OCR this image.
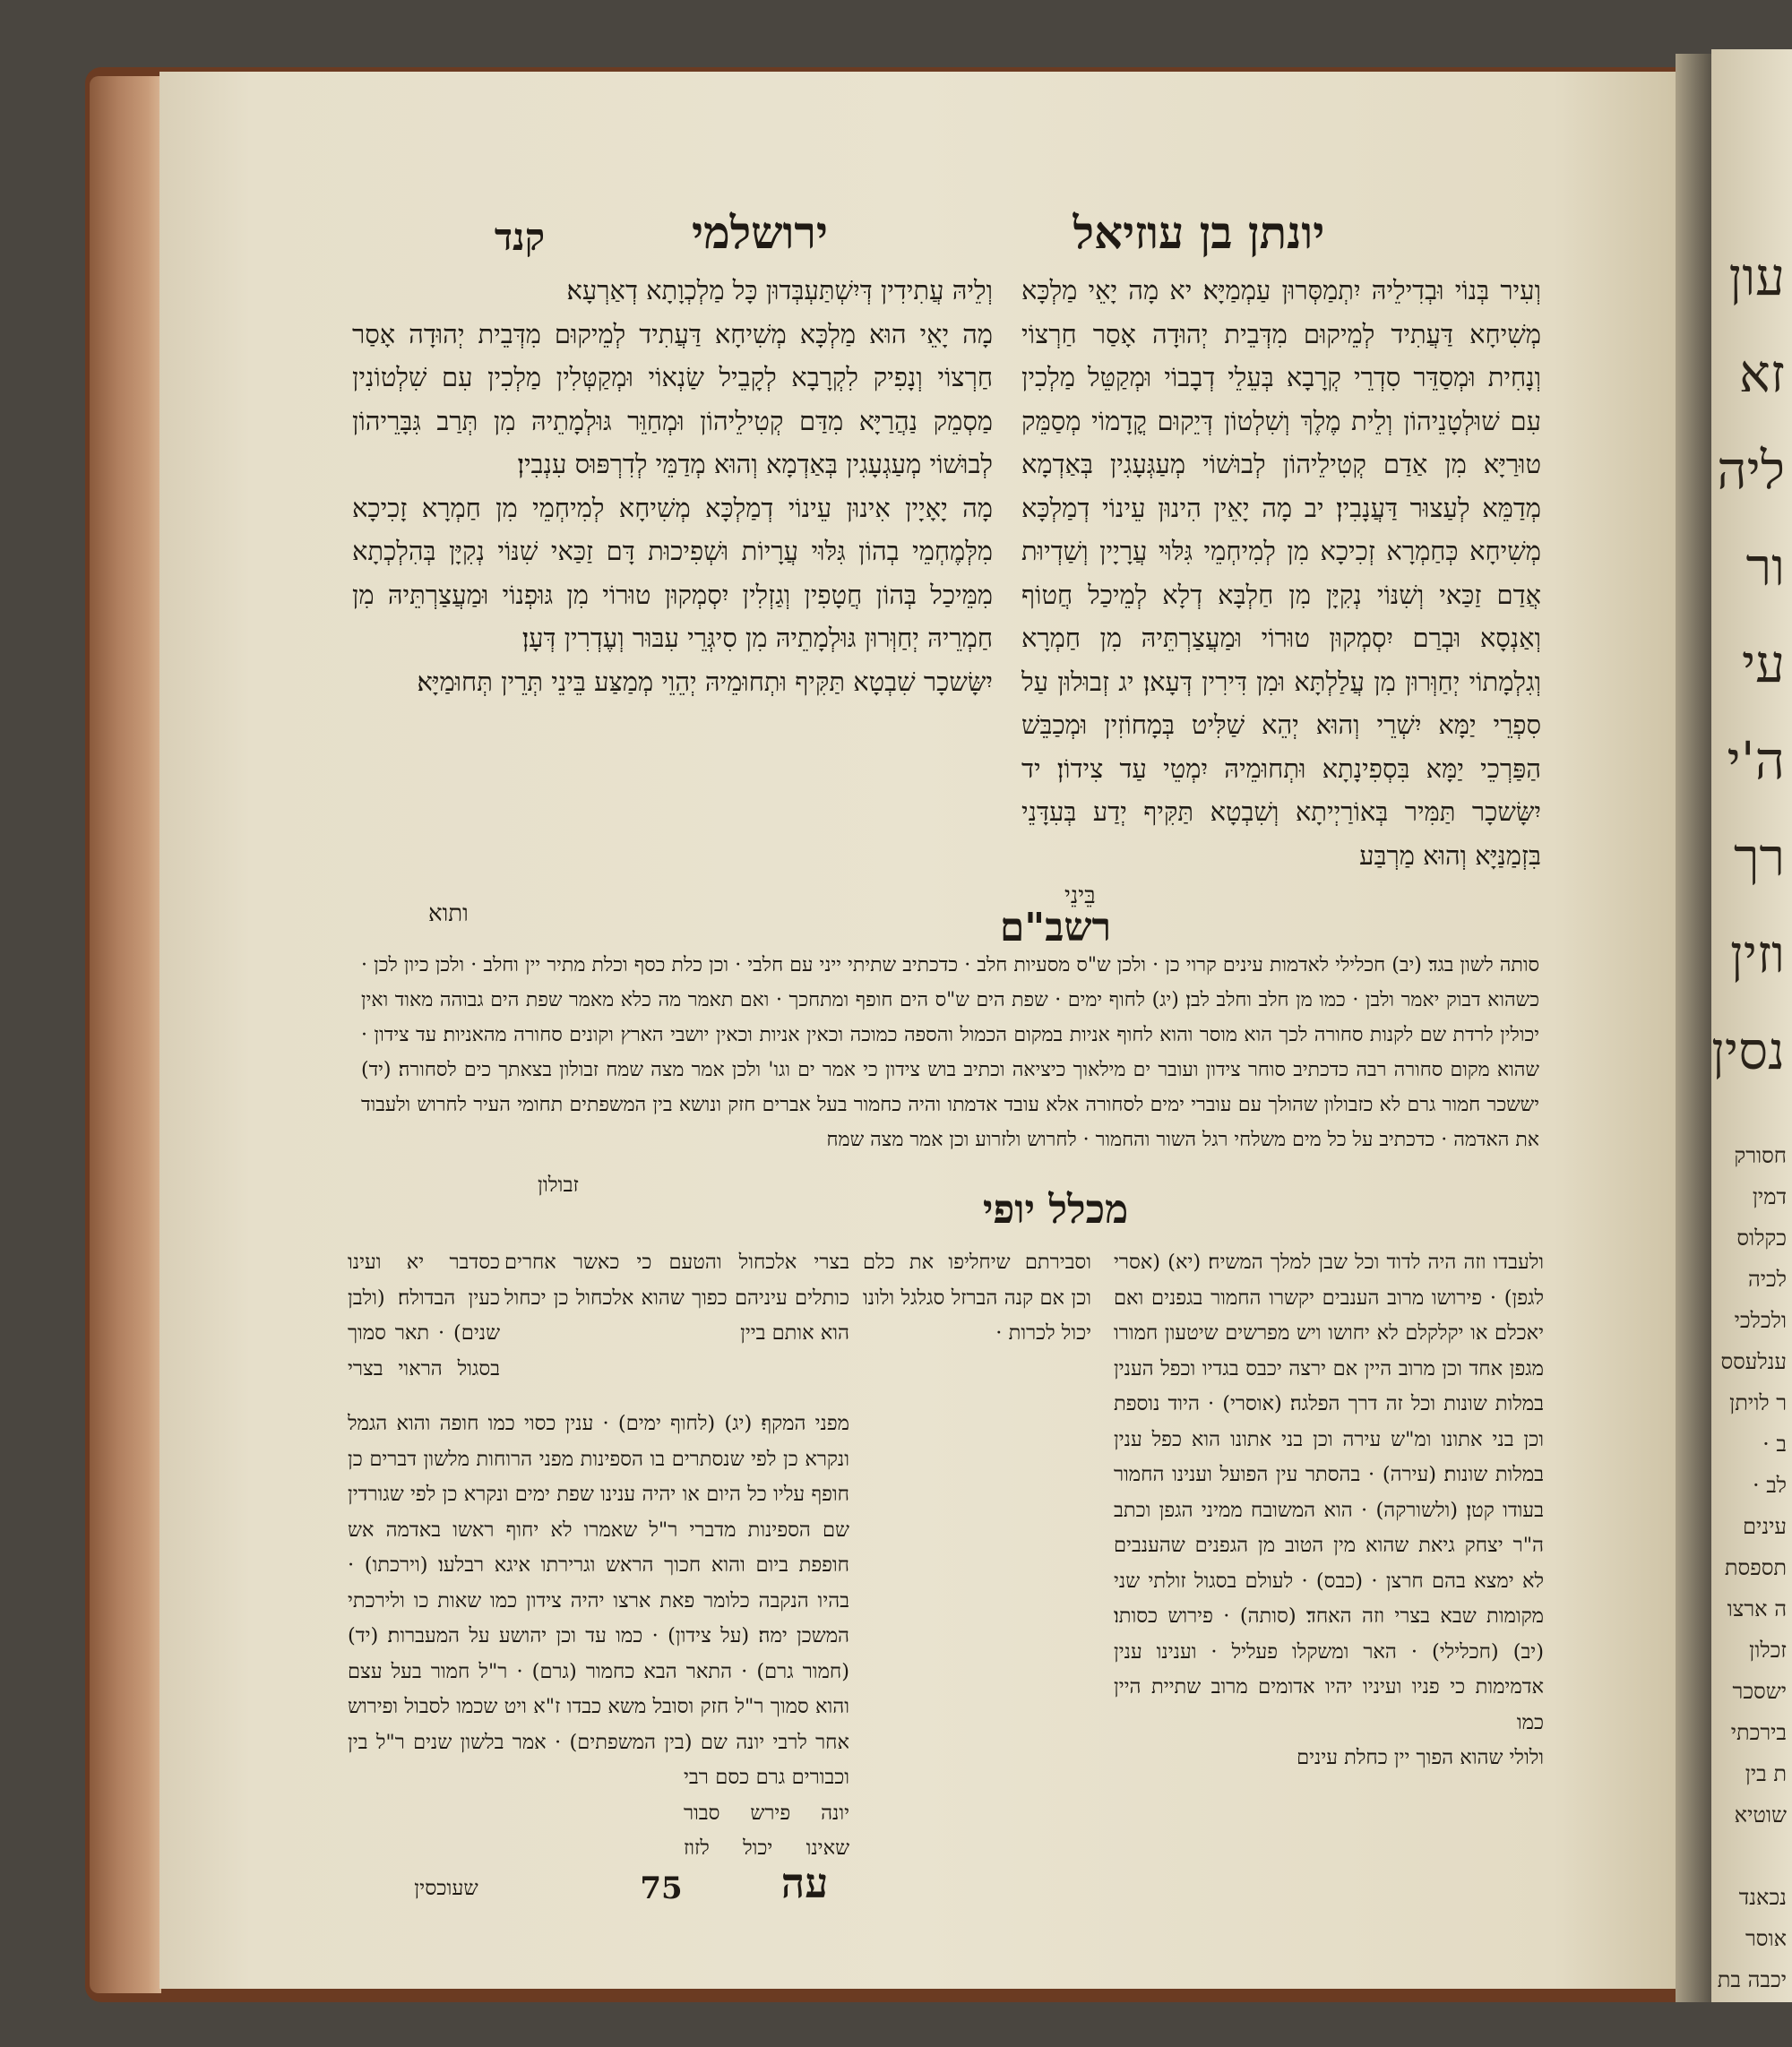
יונתן בן עוזיאל
ירושלמי
קנד

וְעִיר בְּנוֹי וּבְדִילֵיהּ יִתְמַסְּרוּן עַמְמַיָּא׃ יא מָה יָאֵי מַלְכָּא מְשִׁיחָא דַּעֲתִיד לְמֵיקוּם מִדְּבֵית יְהוּדָה אָסַר חַרְצוֹי וְנָחִית וּמְסַדֵּר סִדְרֵי קְרָבָא בְּעֵלֵי דְבָבוֹי וּמְקַטֵּל מַלְכִין עִם שׁוּלְטָנֵיהוֹן וְלֵית מֶלֶךְ וְשִׁלְטוֹן דְּיֵקוּם קֳדָמוֹי מְסַמֵּק טוּרַיָּא מִן אַדַם קְטִילֵיהוֹן לְבוּשׁוֹי מְעַגְּעָגִין בְּאַדְמָא מְדַמֵּא לְעַצוּר דַּעֲנָבִין׃ יב מָה יָאֵין הִינוּן עֵינוֹי דְמַלְכָּא מְשִׁיחָא כְּחַמְרָא זְכִיכָא מִן לְמִיחְמֵי גִּלּוּי עֲרָיָין וְשַׁדְיוּת אֲדַם זַכַּאי וְשִׁנּוֹי נְקִיָּן מִן חַלְבָּא דְלָא לְמֵיכַל חֲטוֹף וְאַנְסָא וּבְרַם יִסְמְקוּן טוּרוֹי וּמַעֲצַרְתֵּיהּ מִן חַמְרָא וְגִלְמָתוֹי יְחַוְּרוּן מִן עֲלַלְתָּא וּמִן דִּירִין דְּעָאן׃ יג זְבוּלוּן עַל סִפְרֵי יַמָּא יִשְׁרֵי וְהוּא יְהֵא שַׁלִּיט בְּמָחוֹזִין וּמְכַבֵּשׁ הַפַּרְכֵי יַמָּא בִּסְפִינָתָא וּתְחוּמֵיהּ יִמְטֵי עַד צִידוֹן׃ יד יִשָּׂשכָר תַּמִּיר בְּאוֹרַיְיתָא וְשִׁבְטָא תַּקִּיף יְדַע בְּעִדָּנֵי בִּזְמַנַּיָּא וְהוּא מַרְבַּע

בֵּינֵי

וְלֵיהּ עֲתִידִין דְּיִשְׁתַּעְבְּדוּן כָּל מַלְכְוָתָא דְאַרְעָא׃

מָה יָאֵי הוּא מַלְכָּא מְשִׁיחָא דַּעֲתִיד לְמֵיקוּם מִדְּבֵית יְהוּדָה אָסַר חַרְצוֹי וְנָפִיק לִקְרָבָא לְקָבֵיל שַׂנְאוֹי וּמְקַטְּלִין מַלְכִין עִם שִׁלְטוֹנִין מַסְמֵק נַהֲרַיָּא מִדַּם קְטִילֵיהוֹן וּמְחַוֵּר גּוּלְמָתֵיהּ מִן תְּרַב גִּבָּרֵיהוֹן לְבוּשׁוֹי מְעַגְעָגִין בְּאַדְמָא וְהוּא מְדַמֵּי לְדִרְפּוּס עִנְבִין׃

מָה יָאָיָין אִינוּן עֵינוֹי דְמַלְכָּא מְשִׁיחָא לְמִיחְמֵי מִן חַמְרָא זָכִיכָא מִלְּמֶחְמֵי בְהוֹן גִּלּוּי עֲרָיוֹת וּשְׁפִיכוּת דָּם זַכַּאי שִׁנּוֹי נְקִיָּן בְּהִלְכְתָא מִמֵּיכַל בְּהוֹן חֲטָפִין וְגַזְלִין יִסְמְקוּן טוּרוֹי מִן גּוּפְנוֹי וּמַעֲצַרְתֵּיהּ מִן חַמְרֵיהּ יְחַוְּרוּן גּוּלְמָתֵיהּ מִן סִיגְּרֵי עִבּוּר וְעֶדְרִין דְּעָן׃

יִשָּׂשכָר שִׁבְטָא תַּקִּיף וּתְחוּמֵיהּ יְהֵוֵי מְמַצַּע בֵּינֵי תְּרֵין תְּחוּמַיָּא׃

ותוא	רשב"ם

סותה לשון בגד׃ (יב) חכלילי לאדמות עינים קרוי כן · ולכן ש"ס מסעיות חלב · כדכתיב שתיתי ייני עם חלבי · וכן כלת כסף וכלת מתיר יין וחלב · ולכן כיון לכן · כשהוא דבוק יאמר ולבן · כמו מן חלב וחלב לבן׃ (יג) לחוף ימים · שפת הים ש"ס הים חופף ומתחכך · ואם תאמר מה כלא מאמר שפת הים גבוהה מאוד ואין יכולין לרדת שם לקנות סחורה לכך הוא מוסר והוא לחוף אניות במקום הכמול והספה כמוכה וכאין אניות וכאין יושבי הארץ וקונים סחורה מהאניות׃ עד צידון · שהוא מקום סחורה רבה כדכתיב סוחר צידון ועובר ים מילאוך כיציאה וכתיב בוש צידון כי אמר ים וגו' ולכן אמר מצה שמח זבולון בצאתך כים לסחורה׃ (יד) יששכר חמור גרם לא כזבולון שהולך עם עוברי ימים לסחורה אלא עובד אדמתו והיה כחמור בעל אברים חזק ונושא בין המשפתים תחומי העיר לחרוש ולעבוד את האדמה · כדכתיב על כל מים משלחי רגל השור והחמור · לחרוש ולזרוע וכן אמר מצה שמח

זבולון
מכלל יופי

ולעבדו וזה היה לדוד וכל שבן למלך המשיח׃ (יא) (אסרי לגפן) · פירושו מרוב הענבים יקשרו החמור בגפנים ואם יאכלם או יקלקלם לא יחושו ויש מפרשים שיטעון חמורו מגפן אחד וכן מרוב היין אם ירצה יכבס בגדיו וכפל הענין במלות שונות וכל זה דרך הפלגה׃ (אוסרי) · היוד נוספת וכן בני אתונו ומ"ש עירה וכן בני אתונו הוא כפל ענין במלות שונות׃ (עירה) · בהסתר עין הפועל וענינו החמור בעודו קטן׃ (ולשורקה) · הוא המשובח ממיני הגפן וכתב ה"ר יצחק גיאת שהוא מין הטוב מן הגפנים שהענבים לא ימצא בהם חרצן · (כבס) · לעולם בסגול זולתי שני מקומות שבא בצרי וזה האחד׃ (סותה) · פירוש כסותו׃ (יב) (חכלילי) · האר ומשקלו פעליל · וענינו ענין אדמימות כי פניו ועיניו יהיו אדומים מרוב שתיית היין כמו

ולולי שהוא הפוך יין כחלת עינים

וסבירתם שיחליפו את כלם וכן אם קנה הברזל סגלגל ולונו יכול לכרות ·

בצרי אלכחול והטעם כי כאשר אחרים כותלים עיניהם כפוך שהוא אלכחול כן יכחול הוא אותם ביין

כסדבר יא ועינו כעין הבדולח׃ (ולבן שנים) · תאר סמוך בסגול הראוי בצרי

מפני המקף׃ (יג) (לחוף ימים) · ענין כסוי כמו חופה והוא הגמל ונקרא כן לפי שנסתרים בו הספינות מפני הרוחות מלשון דברים כן חופף עליו כל היום או יהיה ענינו שפת ימים ונקרא כן לפי שגורדין שם הספינות מדברי ר"ל שאמרו לא יחוף ראשו באדמה אש חופפת ביום והוא חכוך הראש וגרירתו איגא רבלעו׃ (וירכתו) · בהיו הנקבה כלומר פאת ארצו יהיה צידון כמו שאות כו ולירכתי המשכן ימה׃ (על צידון) · כמו עד וכן יהושע על המעברות׃ (יד) (חמור גרם) · התאר הבא כחמור (גרם) · ר"ל חמור בעל עצם והוא סמוך ר"ל חזק וסובל משא כבדו ז"א ויט שכמו לסבול ופירוש אחר לרבי יונה שם (בין המשפתים) · אמר בלשון שנים ר"ל בין

וכבורים גרם כסם רבי יונה פירש סבור שאינו יכול לזוז

שעוכסין	עה
75
עון
זא
ליה
ור
עי
ה'י
רך
וזין
נסין
חסורק
דמין
כקלוס
לכיה
ולכלכי
ענלעסס
ר לויתן
ב ·
לב ·
עינים
תספסת
ה ארצו
זכלון
ישסכר
בירכתי
ת בין
שוטיא

נכאנד
אוסר
יכבה בת
